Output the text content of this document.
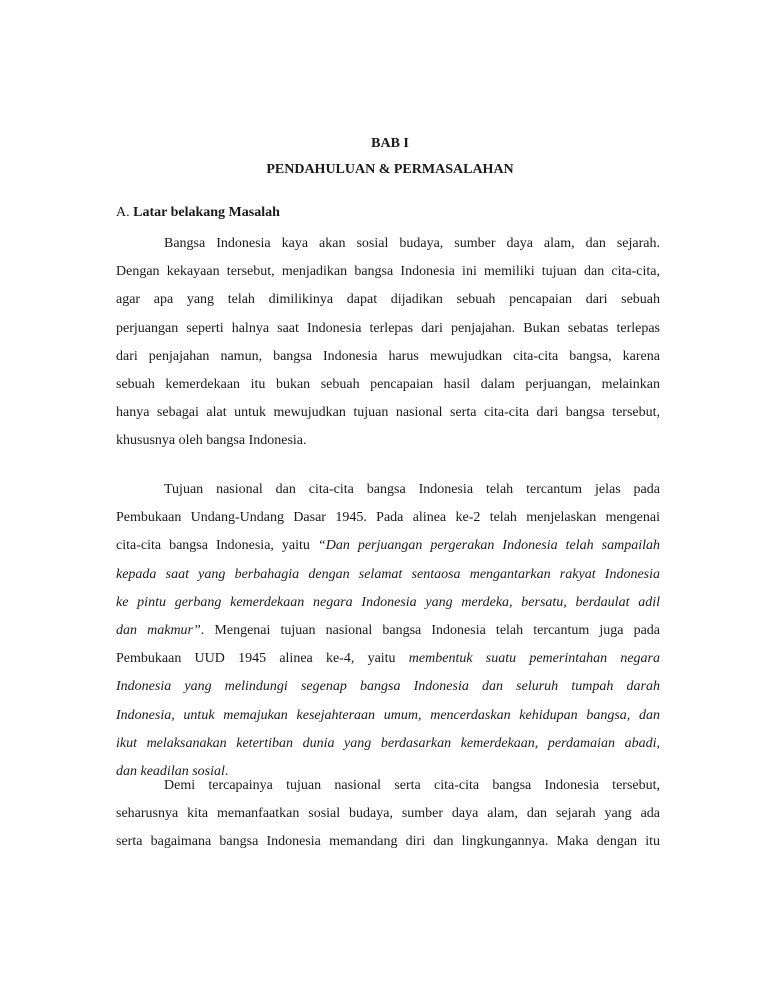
BAB I
PENDAHULUAN & PERMASALAHAN
A. Latar belakang Masalah
Bangsa Indonesia kaya akan sosial budaya, sumber daya alam, dan sejarah.
Dengan kekayaan tersebut, menjadikan bangsa Indonesia ini memiliki tujuan dan cita-cita,
agar apa yang telah dimilikinya dapat dijadikan sebuah pencapaian dari sebuah
perjuangan seperti halnya saat Indonesia terlepas dari penjajahan. Bukan sebatas terlepas
dari penjajahan namun, bangsa Indonesia harus mewujudkan cita-cita bangsa, karena
sebuah kemerdekaan itu bukan sebuah pencapaian hasil dalam perjuangan, melainkan
hanya sebagai alat untuk mewujudkan tujuan nasional serta cita-cita dari bangsa tersebut,
khususnya oleh bangsa Indonesia.
Tujuan nasional dan cita-cita bangsa Indonesia telah tercantum jelas pada
Pembukaan Undang-Undang Dasar 1945. Pada alinea ke-2 telah menjelaskan mengenai
cita-cita bangsa Indonesia, yaitu “Dan perjuangan pergerakan Indonesia telah sampailah
kepada saat yang berbahagia dengan selamat sentaosa mengantarkan rakyat Indonesia
ke pintu gerbang kemerdekaan negara Indonesia yang merdeka, bersatu, berdaulat adil
dan makmur”. Mengenai tujuan nasional bangsa Indonesia telah tercantum juga pada
Pembukaan UUD 1945 alinea ke-4, yaitu membentuk suatu pemerintahan negara
Indonesia yang melindungi segenap bangsa Indonesia dan seluruh tumpah darah
Indonesia, untuk memajukan kesejahteraan umum, mencerdaskan kehidupan bangsa, dan
ikut melaksanakan ketertiban dunia yang berdasarkan kemerdekaan, perdamaian abadi,
dan keadilan sosial.
Demi tercapainya tujuan nasional serta cita-cita bangsa Indonesia tersebut,
seharusnya kita memanfaatkan sosial budaya, sumber daya alam, dan sejarah yang ada
serta bagaimana bangsa Indonesia memandang diri dan lingkungannya. Maka dengan itu
